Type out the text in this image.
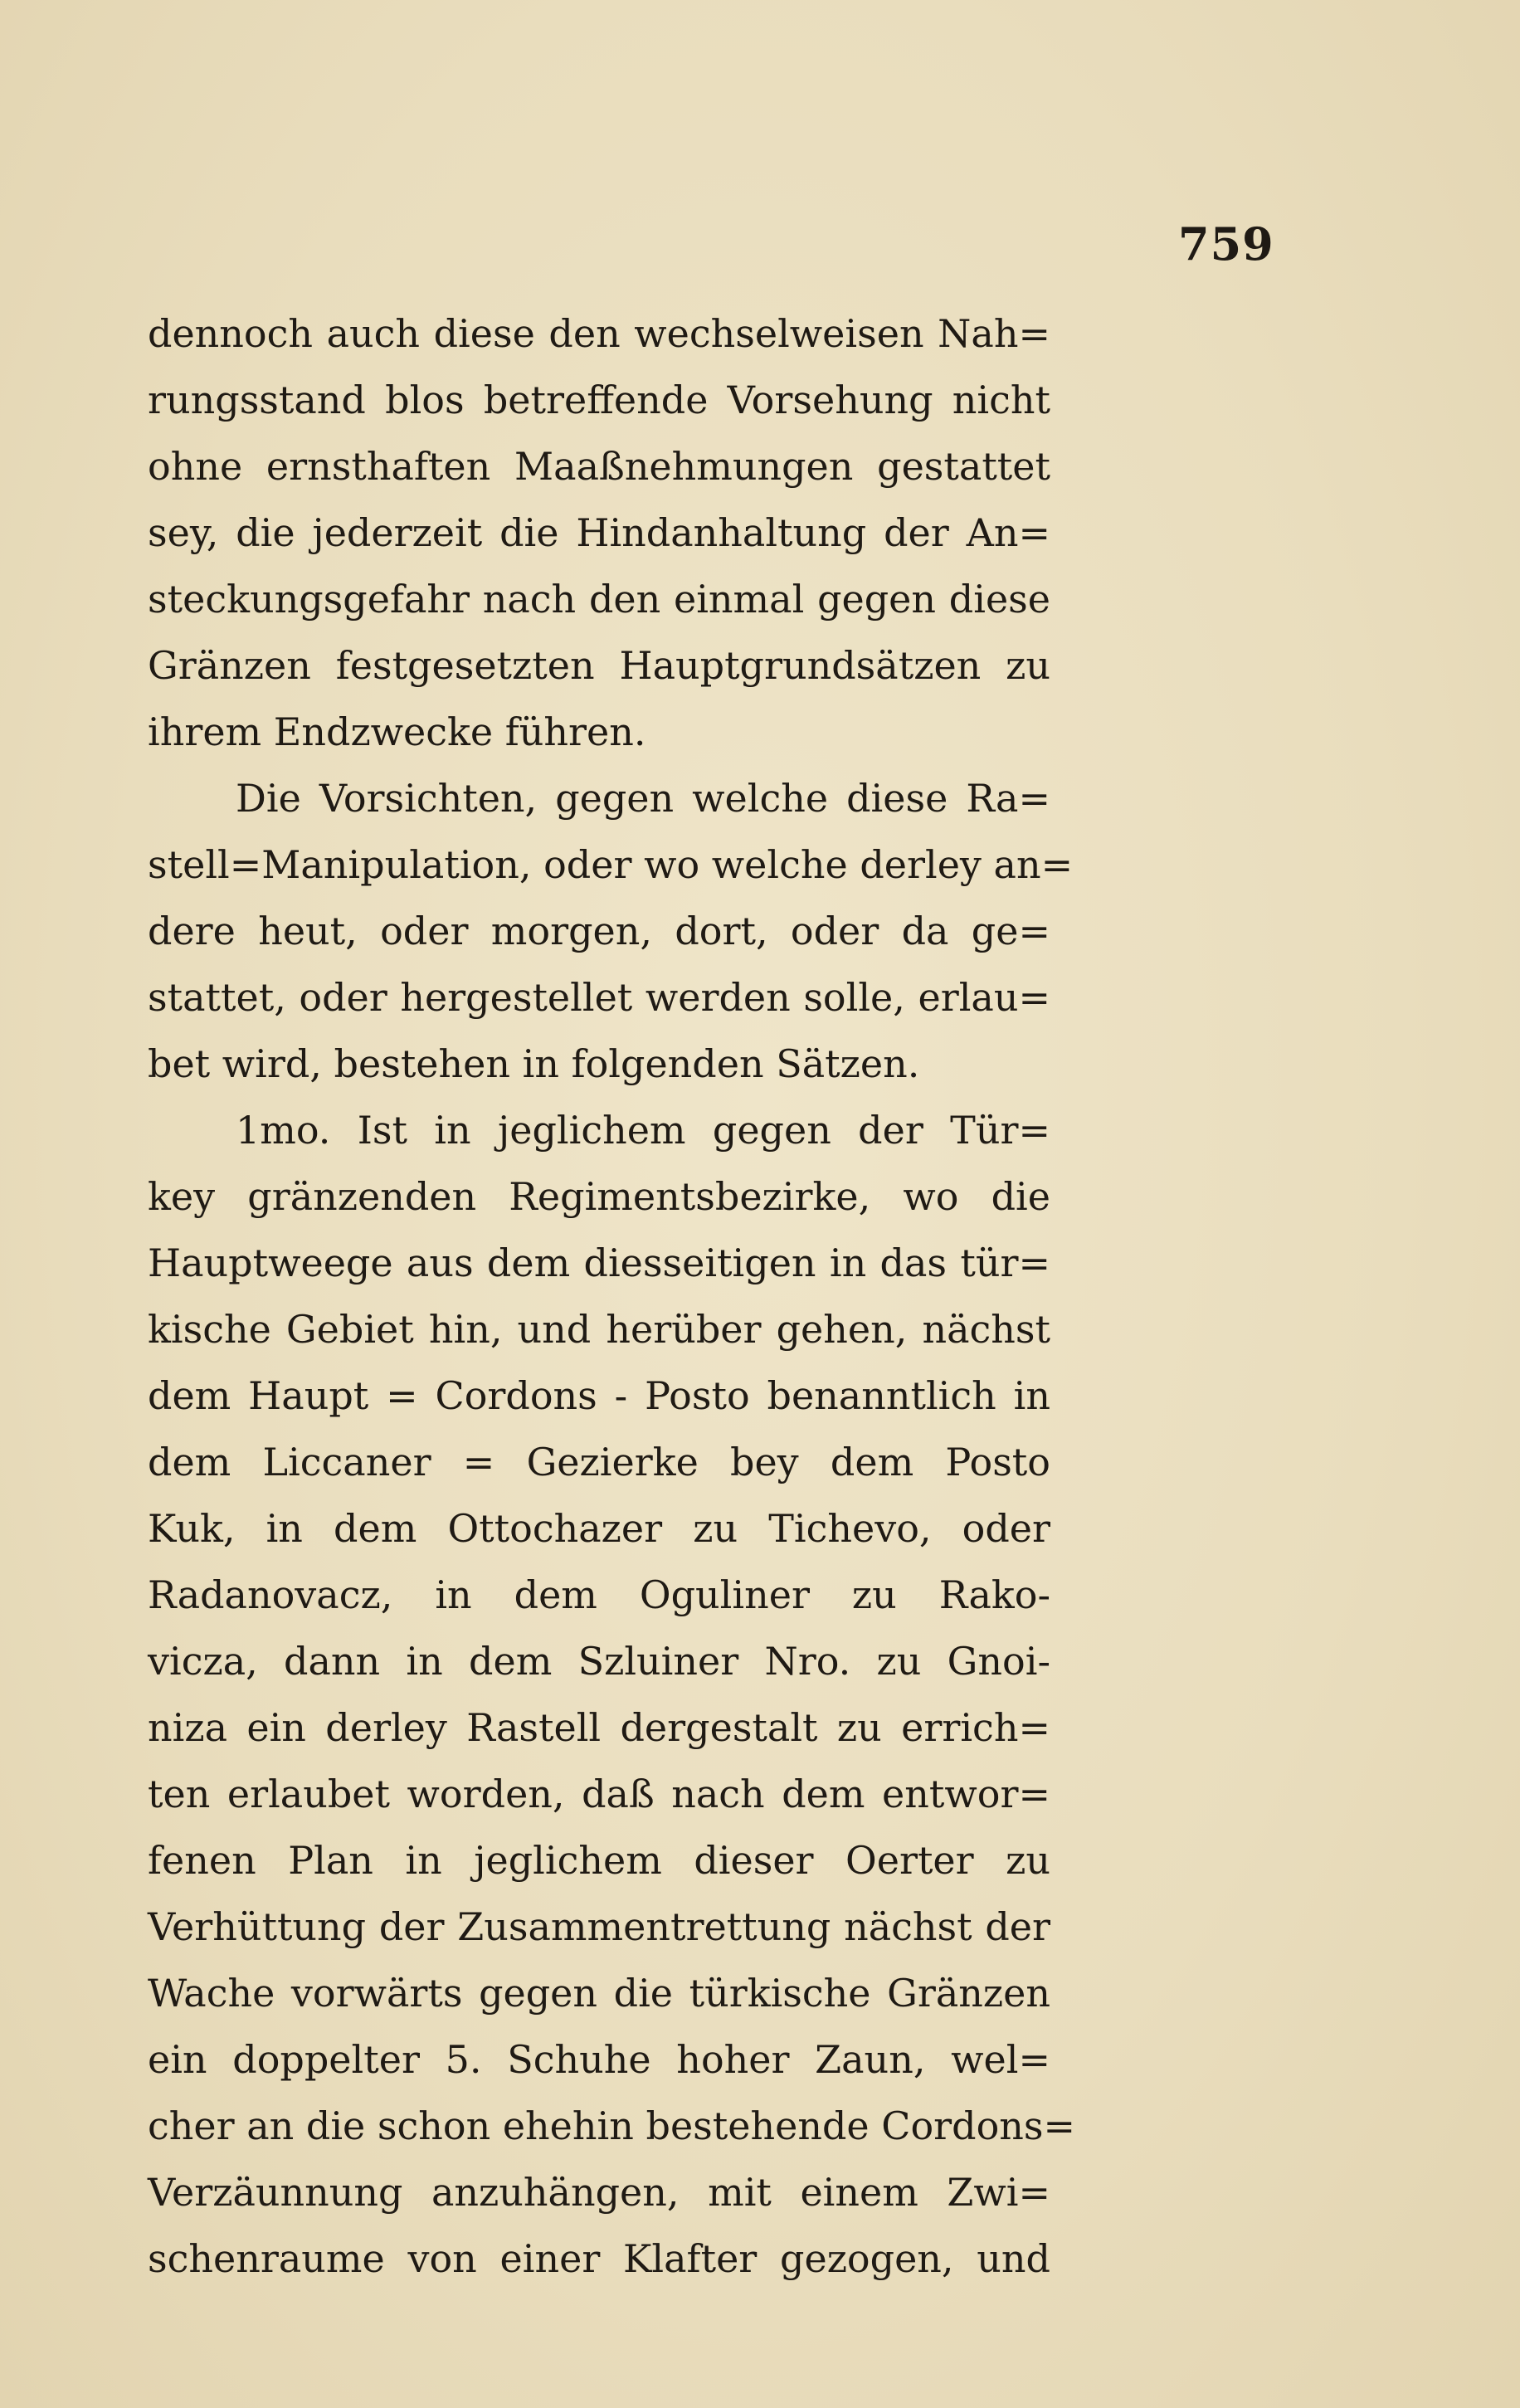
759
dennoch auch diese den wechselweisen Nah=
rungsstand blos betreffende Vorsehung nicht
ohne ernsthaften Maaßnehmungen gestattet
sey, die jederzeit die Hindanhaltung der An=
steckungsgefahr nach den einmal gegen diese
Gränzen festgesetzten Hauptgrundsätzen zu
ihrem Endzwecke führen.
Die Vorsichten, gegen welche diese Ra=
stell=Manipulation, oder wo welche derley an=
dere heut, oder morgen, dort, oder da ge=
stattet, oder hergestellet werden solle, erlau=
bet wird, bestehen in folgenden Sätzen.
1mo. Ist in jeglichem gegen der Tür=
key gränzenden Regimentsbezirke, wo die
Hauptweege aus dem diesseitigen in das tür=
kische Gebiet hin, und herüber gehen, nächst
dem Haupt = Cordons - Posto benanntlich in
dem Liccaner = Gezierke bey dem Posto
Kuk, in dem Ottochazer zu Tichevo, oder
Radanovacz, in dem Oguliner zu Rako-
vicza, dann in dem Szluiner Nro. zu Gnoi-
niza ein derley Rastell dergestalt zu errich=
ten erlaubet worden, daß nach dem entwor=
fenen Plan in jeglichem dieser Oerter zu
Verhüttung der Zusammentrettung nächst der
Wache vorwärts gegen die türkische Gränzen
ein doppelter 5. Schuhe hoher Zaun, wel=
cher an die schon ehehin bestehende Cordons=
Verzäunnung anzuhängen, mit einem Zwi=
schenraume von einer Klafter gezogen, und
